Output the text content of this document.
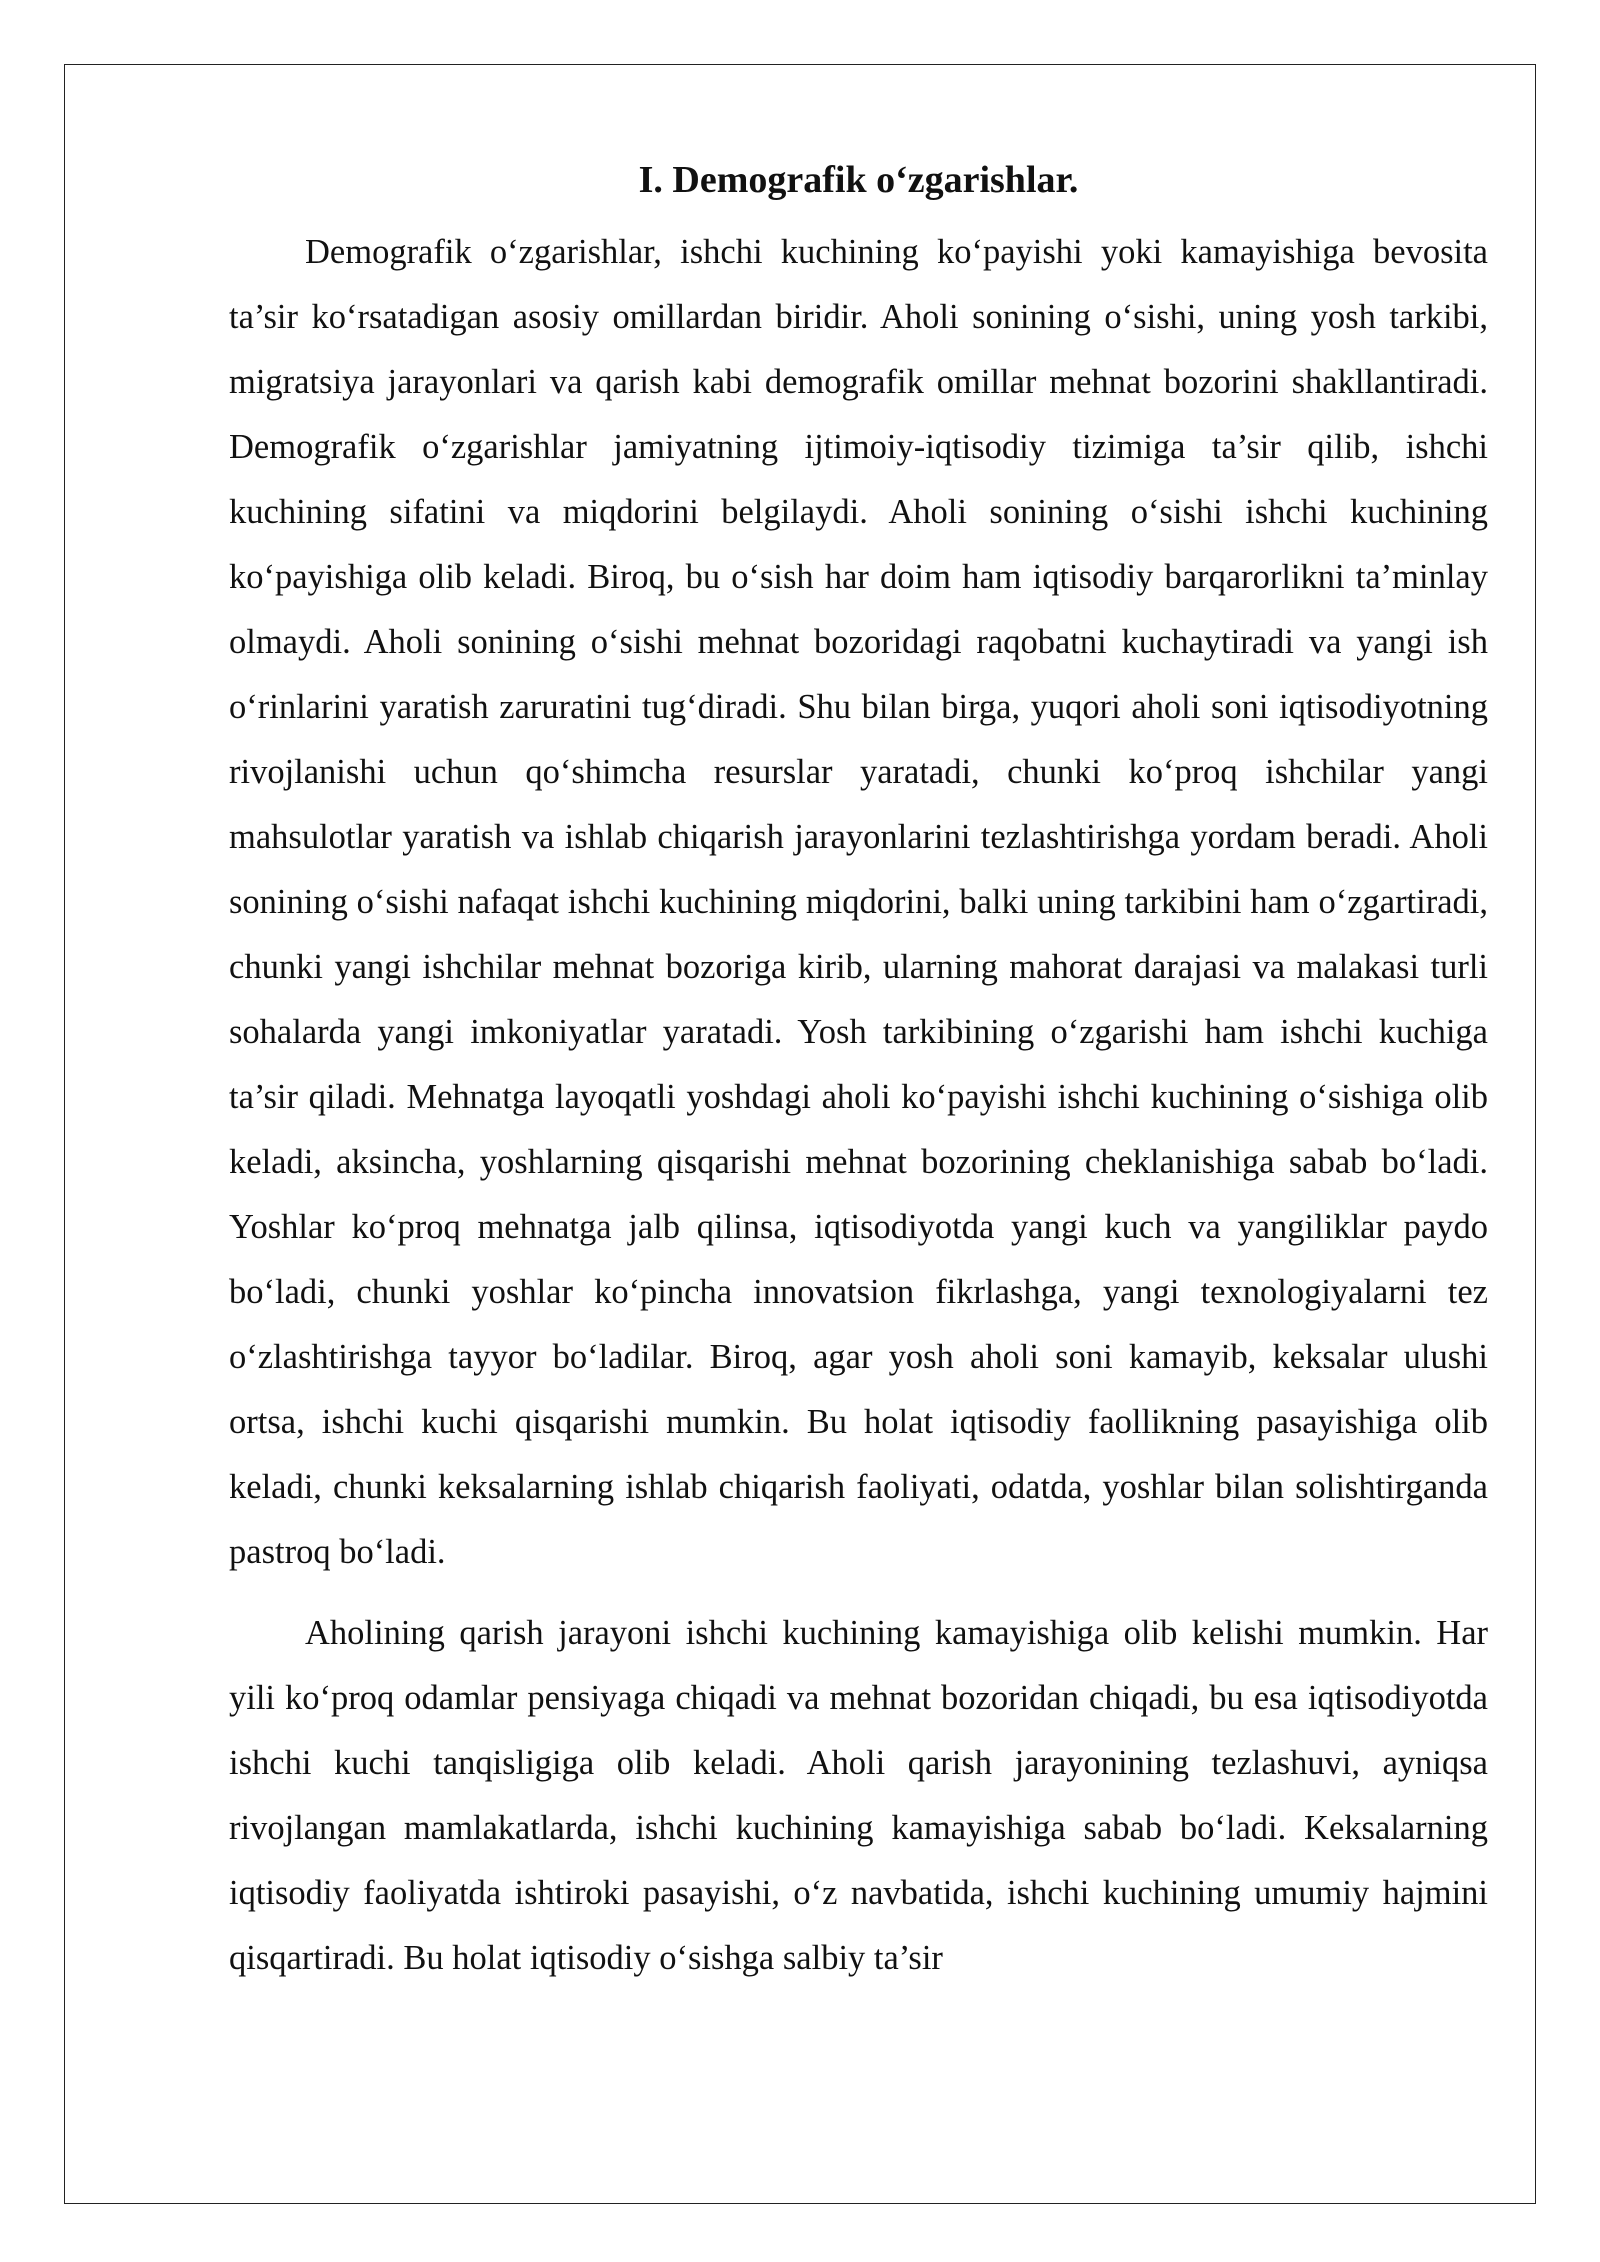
I. Demografik o‘zgarishlar.

Demografik o‘zgarishlar, ishchi kuchining ko‘payishi yoki kamayishiga bevosita ta’sir ko‘rsatadigan asosiy omillardan biridir. Aholi sonining o‘sishi, uning yosh tarkibi, migratsiya jarayonlari va qarish kabi demografik omillar mehnat bozorini shakllantiradi. Demografik o‘zgarishlar jamiyatning ijtimoiy-iqtisodiy tizimiga ta’sir qilib, ishchi kuchining sifatini va miqdorini belgilaydi. Aholi sonining o‘sishi ishchi kuchining ko‘payishiga olib keladi. Biroq, bu o‘sish har doim ham iqtisodiy barqarorlikni ta’minlay olmaydi. Aholi sonining o‘sishi mehnat bozoridagi raqobatni kuchaytiradi va yangi ish o‘rinlarini yaratish zaruratini tug‘diradi. Shu bilan birga, yuqori aholi soni iqtisodiyotning rivojlanishi uchun qo‘shimcha resurslar yaratadi, chunki ko‘proq ishchilar yangi mahsulotlar yaratish va ishlab chiqarish jarayonlarini tezlashtirishga yordam beradi. Aholi sonining o‘sishi nafaqat ishchi kuchining miqdorini, balki uning tarkibini ham o‘zgartiradi, chunki yangi ishchilar mehnat bozoriga kirib, ularning mahorat darajasi va malakasi turli sohalarda yangi imkoniyatlar yaratadi. Yosh tarkibining o‘zgarishi ham ishchi kuchiga ta’sir qiladi. Mehnatga layoqatli yoshdagi aholi ko‘payishi ishchi kuchining o‘sishiga olib keladi, aksincha, yoshlarning qisqarishi mehnat bozorining cheklanishiga sabab bo‘ladi. Yoshlar ko‘proq mehnatga jalb qilinsa, iqtisodiyotda yangi kuch va yangiliklar paydo bo‘ladi, chunki yoshlar ko‘pincha innovatsion fikrlashga, yangi texnologiyalarni tez o‘zlashtirishga tayyor bo‘ladilar. Biroq, agar yosh aholi soni kamayib, keksalar ulushi ortsa, ishchi kuchi qisqarishi mumkin. Bu holat iqtisodiy faollikning pasayishiga olib keladi, chunki keksalarning ishlab chiqarish faoliyati, odatda, yoshlar bilan solishtirganda pastroq bo‘ladi.

Aholining qarish jarayoni ishchi kuchining kamayishiga olib kelishi mumkin. Har yili ko‘proq odamlar pensiyaga chiqadi va mehnat bozoridan chiqadi, bu esa iqtisodiyotda ishchi kuchi tanqisligiga olib keladi. Aholi qarish jarayonining tezlashuvi, ayniqsa rivojlangan mamlakatlarda, ishchi kuchining kamayishiga sabab bo‘ladi. Keksalarning iqtisodiy faoliyatda ishtiroki pasayishi, o‘z navbatida, ishchi kuchining umumiy hajmini qisqartiradi. Bu holat iqtisodiy o‘sishga salbiy ta’sir
